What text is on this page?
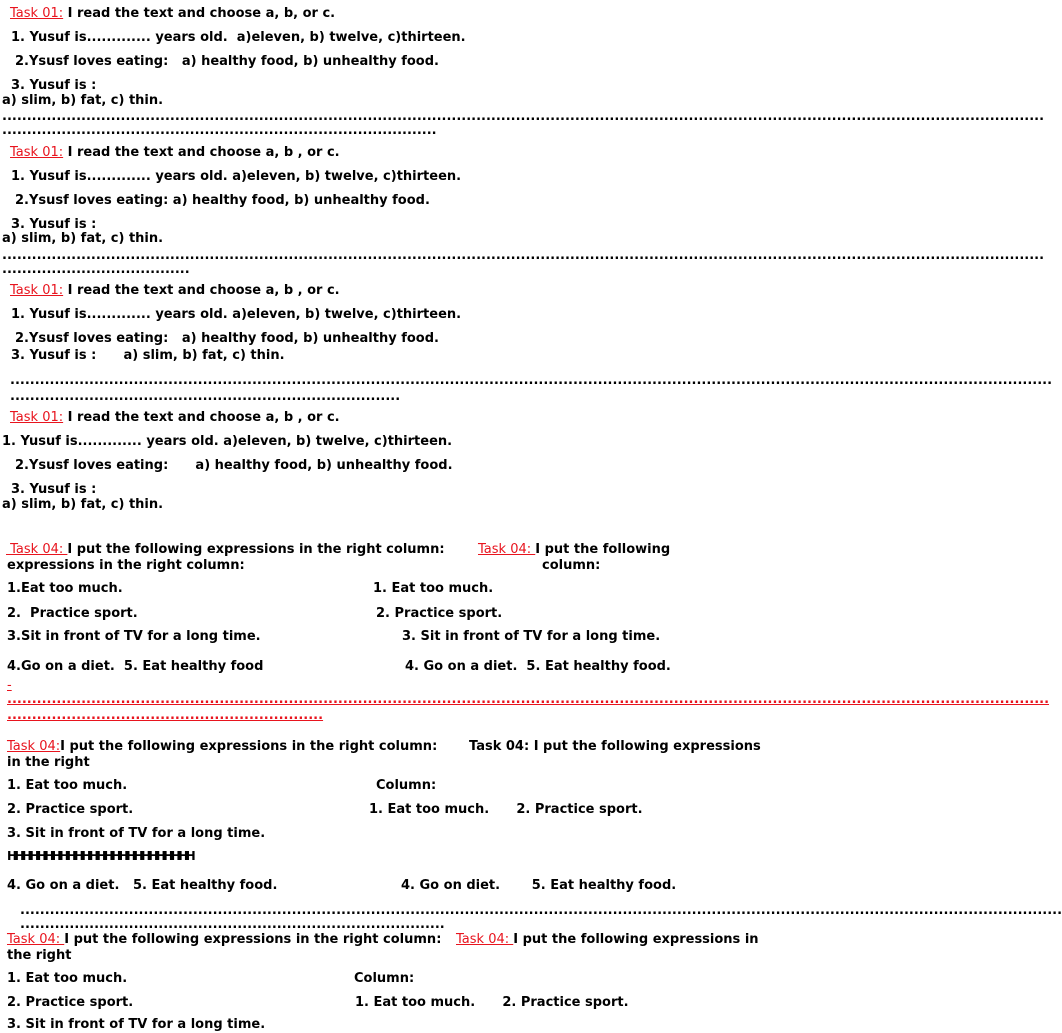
Task 01: I read the text and choose a, b, or c.
1. Yusuf is............. years old.  a)eleven, b) twelve, c)thirteen.
2.Ysusf loves eating:   a) healthy food, b) unhealthy food.
3. Yusuf is :
a) slim, b) fat, c) thin.
...................................................................................................................................................................................................................
........................................................................................
Task 01: I read the text and choose a, b , or c.
1. Yusuf is............. years old. a)eleven, b) twelve, c)thirteen.
2.Ysusf loves eating: a) healthy food, b) unhealthy food.
3. Yusuf is :
a) slim, b) fat, c) thin.
...................................................................................................................................................................................................................
......................................
Task 01: I read the text and choose a, b , or c.
1. Yusuf is............. years old. a)eleven, b) twelve, c)thirteen.
2.Ysusf loves eating:   a) healthy food, b) unhealthy food.
3. Yusuf is :      a) slim, b) fat, c) thin.
...................................................................................................................................................................................................................
...............................................................................
Task 01: I read the text and choose a, b , or c.
1. Yusuf is............. years old. a)eleven, b) twelve, c)thirteen.
2.Ysusf loves eating:      a) healthy food, b) unhealthy food.
3. Yusuf is :
a) slim, b) fat, c) thin.
Task 04: I put the following expressions in the right column:	Task 04: I put the following
expressions in the right column:	column:
1.Eat too much.	1. Eat too much.
2.  Practice sport.	2. Practice sport.
3.Sit in front of TV for a long time.	3. Sit in front of TV for a long time.
4.Go on a diet.  5. Eat healthy food	4. Go on a diet.  5. Eat healthy food.
-
...................................................................................................................................................................................................................
................................................................
Task 04:I put the following expressions in the right column: Task 04: I put the following expressions
in the right
1. Eat too much.	Column:
2. Practice sport.	1. Eat too much.      2. Practice sport.
3. Sit in front of TV for a long time.
HHHHHHHHHHHHHHHHHHHHHHHHH
4. Go on a diet.   5. Eat healthy food.	4. Go on diet.       5. Eat healthy food.
...................................................................................................................................................................................................................
......................................................................................
Task 04: I put the following expressions in the right column: Task 04: I put the following expressions in
the right
1. Eat too much.	Column:
2. Practice sport.	1. Eat too much.      2. Practice sport.
3. Sit in front of TV for a long time.
